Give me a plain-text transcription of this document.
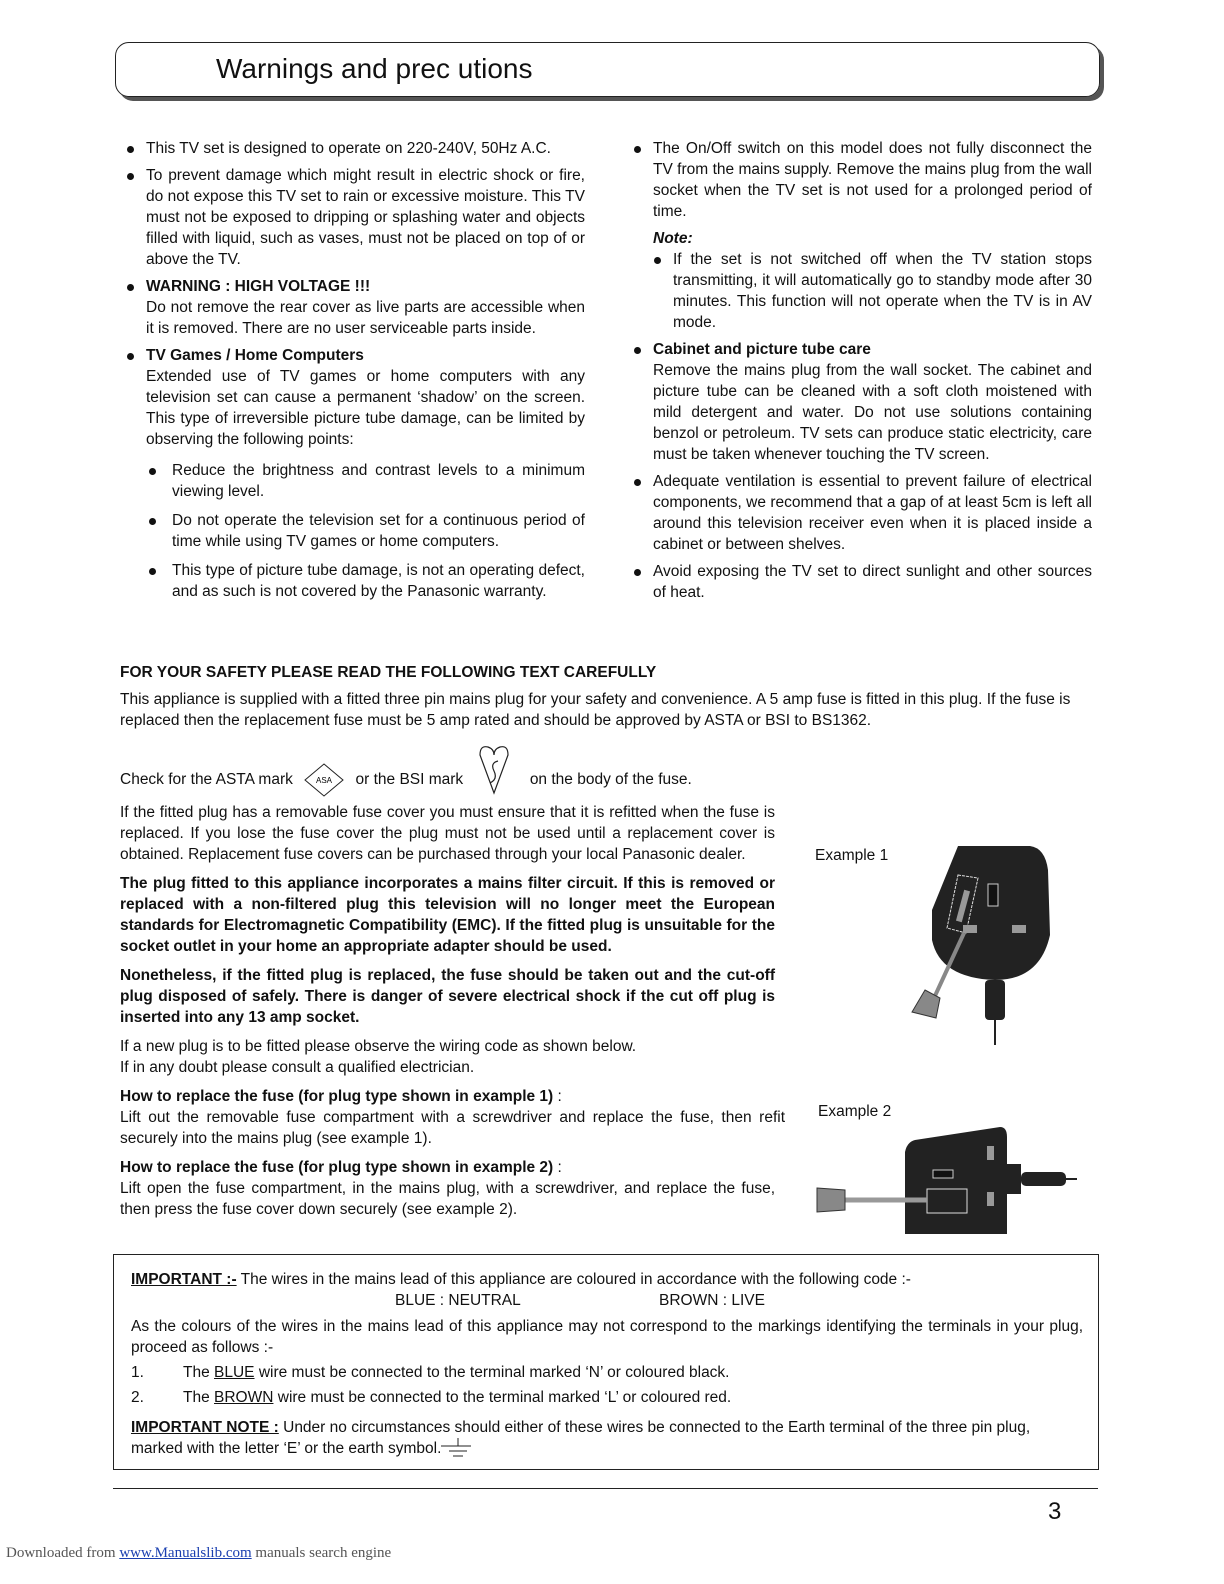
Warnings and prec utions
This TV set is designed to operate on 220-240V, 50Hz A.C.
To prevent damage which might result in electric shock or fire, do not expose this TV set to rain or excessive moisture. This TV must not be exposed to dripping or splashing water and objects filled with liquid, such as vases, must not be placed on top of or above the TV.
WARNING : HIGH VOLTAGE !!!
Do not remove the rear cover as live parts are accessible when it is removed. There are no user serviceable parts inside.
TV Games / Home Computers
Extended use of TV games or home computers with any television set can cause a permanent ‘shadow’ on the screen. This type of irreversible picture tube damage, can be limited by observing the following points:
Reduce the brightness and contrast levels to a minimum viewing level.
Do not operate the television set for a continuous period of time while using TV games or home computers.
This type of picture tube damage, is not an operating defect, and as such is not covered by the Panasonic warranty.
The On/Off switch on this model does not fully disconnect the TV from the mains supply. Remove the mains plug from the wall socket when the TV set is not used for a prolonged period of time.
Note:
If the set is not switched off when the TV station stops transmitting, it will automatically go to standby mode after 30 minutes. This function will not operate when the TV is in AV mode.
Cabinet and picture tube care
Remove the mains plug from the wall socket. The cabinet and picture tube can be cleaned with a soft cloth moistened with mild detergent and water. Do not use solutions containing benzol or petroleum. TV sets can produce static electricity, care must be taken whenever touching the TV screen.
Adequate ventilation is essential to prevent failure of electrical components, we recommend that a gap of at least 5cm is left all around this television receiver even when it is placed inside a cabinet or between shelves.
Avoid exposing the TV set to direct sunlight and other sources of heat.
FOR YOUR SAFETY PLEASE READ THE FOLLOWING TEXT CAREFULLY
This appliance is supplied with a fitted three pin mains plug for your safety and convenience. A 5 amp fuse is fitted in this plug. If the fuse is replaced then the replacement fuse must be 5 amp rated and should be approved by ASTA or BSI to BS1362.
Check for the ASTA mark	ASA or the BSI mark	on the body of the fuse.

If the fitted plug has a removable fuse cover you must ensure that it is refitted when the fuse is replaced. If you lose the fuse cover the plug must not be used until a replacement cover is obtained. Replacement fuse covers can be purchased through your local Panasonic dealer.

The plug fitted to this appliance incorporates a mains filter circuit. If this is removed or replaced with a non-filtered plug this television will no longer meet the European standards for Electromagnetic Compatibility (EMC). If the fitted plug is unsuitable for the socket outlet in your home an appropriate adapter should be used.

Nonetheless, if the fitted plug is replaced, the fuse should be taken out and the cut-off plug disposed of safely. There is danger of severe electrical shock if the cut off plug is inserted into any 13 amp socket.

If a new plug is to be fitted please observe the wiring code as shown below.
If in any doubt please consult a qualified electrician.

How to replace the fuse (for plug type shown in example 1) :
Lift out the removable fuse compartment with a screwdriver and replace the fuse, then refit securely into the mains plug (see example 1).

How to replace the fuse (for plug type shown in example 2) :
Lift open the fuse compartment, in the mains plug, with a screwdriver, and replace the fuse, then press the fuse cover down securely (see example 2).

Example 1
Example 2
IMPORTANT :- The wires in the mains lead of this appliance are coloured in accordance with the following code :-
BLUE : NEUTRAL	BROWN : LIVE
As the colours of the wires in the mains lead of this appliance may not correspond to the markings identifying the terminals in your plug, proceed as follows :-
1.	The BLUE wire must be connected to the terminal marked ‘N’ or coloured black.
2.	The BROWN wire must be connected to the terminal marked ‘L’ or coloured red.
IMPORTANT NOTE : Under no circumstances should either of these wires be connected to the Earth terminal of the three pin plug, marked with the letter ‘E’ or the earth symbol.
3
Downloaded from www.Manualslib.com manuals search engine
